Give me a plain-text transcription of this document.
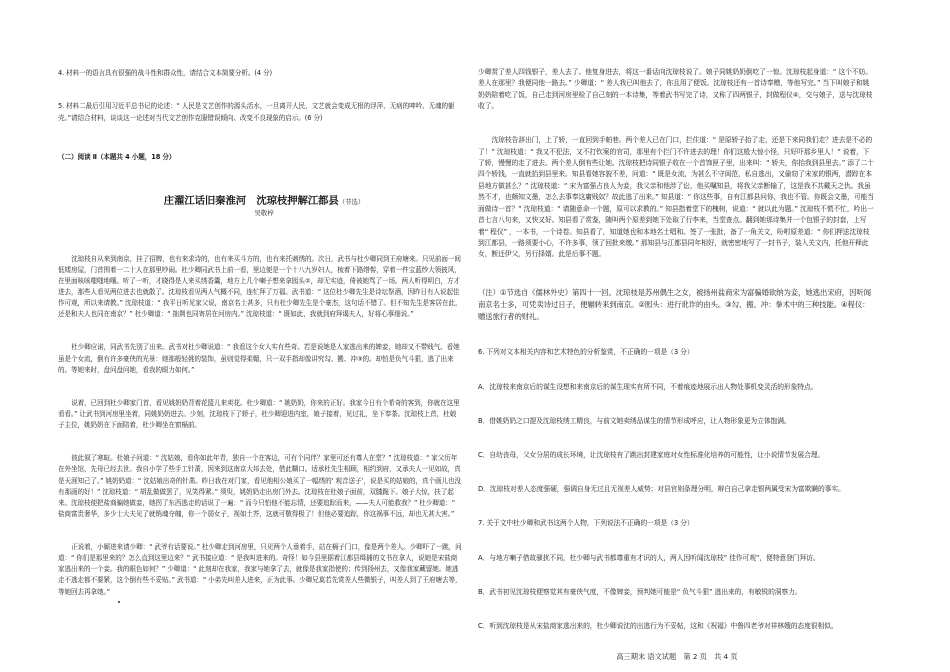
4. 材料一的语言具有很强的战斗性和群众性，请结合文本简要分析。(4 分)

5. 材料二最后引用习近平总书记的论述：“ 人民是文艺创作的源头活水，一旦离开人民，文艺就会变成无根的浮萍、无病的呻吟、无魂的躯壳。”请结合材料，谈谈这一论述对当代文艺创作克服错误倾向、改变不良现象的启示。(6 分)

（二）阅读 Ⅱ（本题共 4 小题，18 分）

庄濯江话旧秦淮河　沈琼枝押解江都县（节选）
吴敬梓

沈琼枝自从来到南京，挂了招牌，也有来求诗的，也有来买斗方的，也有来托刺绣的。次日，武书与杜少卿同到王府塘来。只见前面一间低矮房屋，门首围着一二十人在那里吵闹。杜少卿同武书上前一看，里边便是一个十八九岁妇人，梳着下路绺髻，穿着一件宝蓝纱大领披风，在里面咳咳嗤嗤地嚷。听了一听，才晓得是人来买绣香囊，地方上几个喇子想来拿囮头②，却无实迹，倚被她骂了一场。两人听得明白，方才进去，那些人看见两位进去也就散了。沈琼枝看见两人气概不同，连忙拜了万福。武书道：“ 这位杜少卿先生是诗坛祭酒，因昨日有人说起佳作可观，所以来请教。” 沈琼枝道：“ 我平日听见家父说，南京名士甚多，只有杜少卿先生是个豪杰，这句话不错了。但不知先生是客居在此，还是和夫人也同在南京？” 杜少卿道：“ 拙荆也同寄居在河房内。” 沈琼枝道：“ 既如此，我就到府拜谒夫人，好将心事细说。”

杜少卿应诺，同武书先别了出来。武书对杜少卿说道：“ 我看这个女人实有些奇。若是说她是人家逃出来的婢妾，她却又不带贱气。看她虽是个女流，倒有许多豪侠的光景：她那般轻佻的装饰，虽则觉得柔媚，只一双手指却像讲究勾、搬、冲③的。却怕是负气斗狠，逃了出来的。等她来时，盘问盘问她，看我的眼力如何。”

说着，已回到杜少卿家门首，看见姚奶奶背着花篮儿来卖花。杜少卿道：“ 姚奶奶，你来的正好。我家今日有个希奇的客到，你就在这里看看。” 让武书到河房里坐着，同姚奶奶进去。少刻，沈琼枝下了轿子，杜少卿迎进内室，娘子接着，见过礼，坐下奉茶。沈琼枝上首，杜娘子主位，姚奶奶在下面陪着，杜少卿坐在窗槅前。

彼此叙了寒暄。杜娘子问道：“ 沈姑娘，看你如此年青，独自一个在客边，可有个同伴？家里可还有尊人在堂？” 沈琼枝道：“ 家父历年在外坐馆，先母已经去世。我自小学了些手工针黹，因来到这南京大邦去处，借此糊口。适承杜先生相顾，相约到府，又承夫人一见如故，真是天涯知己了。” 姚奶奶道：“ 沈姑娘出奇的针黹。昨日我在对门家，看见他相公娘买了一幅绣的‘ 观音送子’，说是买的姑娘的，真个画儿也没有那画的好！” 沈琼枝道：“ 胡乱做做罢了，见笑得紧。” 须臾，姚奶奶走出房门外去。沈琼枝在杜娘子面前，双膝跪下。娘子大惊，扶了起来。沈琼枝便把盐商骗她做妾，她拐了东西逃走的话说了一遍：“ 而今只怕他不能忘情，还要追踪而来，——夫人可能救我？” 杜少卿道：“ 盐商富贵奢华，多少士大夫见了就销魂夺魄，你一个弱女子，视如土芥，这就可敬得极了！但他必要追踪，你这祸事不远，却也无甚大害。”

正说着，小厮进来请少卿：“ 武爷有话要说。” 杜少卿走到河房里，只见两个人垂着手，站在槅子门口，像是两个差人。少卿吓了一跳，问道：“ 你们是那里来的？怎么直到这里边来？” 武书接应道：“ 是我叫进来的。奇怪！如今县里据着江都县缉捕的文书在拿人，说她是宋盐商家逃出来的一个妾。我的眼色如何？” 少卿道：“ 此刻却在我家，我家与她拿了去，就像是我家指使的；传到扬州去，又像我家藏留她。她逃走不逃走都不要紧，这个倒有些不妥贴。” 武书道：“ 小弟先叫差人进来，正为此事。少卿兄莫若先赏差人些微银子，叫差人到了王府塘去等，等她回去再拿她。”

少卿赏了差人四钱银子，差人去了。他复身进去，将这一番话向沈琼枝说了。娘子同姚奶奶倒吃了一惊。沈琼枝起身道：“ 这个不妨。差人在那里？我便同他一路去。” 少卿道：“ 差人我已叫他去了，你且用了便饭。沈琼枝还有一首诗奉赠，等他写完。” 当下叫娘子和姚奶奶陪着吃了饭，自己走到河房里检了自己刻的一本诗集，等着武书写完了诗，又称了四两银子，封做程仪④，交与娘子，送与沈琼枝收了。

沈琼枝告辞出门，上了轿，一直回到手帕巷。两个差人已在门口，拦住道：“ 是原轿子抬了走，还是下来同我们走？进去是不必的了！” 沈琼枝道：“ 我又不犯法，又不打钦案的官司，那里有个拦门不许进去的理！你们这般大惊小怪，只好吓那乡里人！” 说着，下了轿，慢慢的走了进去。两个差人倒有些让她。沈琼枝把诗同银子收在一个首饰匣子里，出来叫：“ 轿夫，你抬我到县里去。” 添了二十四个轿钱，一直就抬到县里来。知县看她容貌不差，问道：“ 既是女流，为甚么不守闺范，私自逃出，又偷窃了宋家的银两，潜踪在本县地方做甚么？” 沈琼枝道：“ 宋为富强占良人为妾，我父亲和他涉了讼，他买嘱知县，将我父亲断输了，这是我不共戴天之仇。我虽然不才，也颇知文墨，怎么去事奉这庸贱奴？故此逃了出来。” 知县道：“ 你这些事，自有江都县问你，我也不管。你既会文墨，可能当面做诗一首？” 沈琼枝道：“ 请随意命一个题，原可以求教的。” 知县指着堂下的槐树，说道：“ 就以此为题。” 沈琼枝不慌不忙，吟出一首七言八句来，又快又好。知县看了赏鉴，随叫两个原差到她下处取了行李来，当堂查点。翻到她那诗集并一个包银子的封套，上写着“ 程仪” ，一本书，一个诗卷。知县看了，知道她也和本地名士唱和。签了一张批，备了一角关文，吩咐原差道：“ 你们押送沈琼枝到江都县，一路须要小心，不许多事，领了回批来缴。” 那知县与江都县同年相好，就密密地写了一封书子，装入关文内，托他开释此女，断还伊父，另行择婿。此是后事不题。

（注）①节选自《儒林外史》第四十一回。沈琼枝是苏州偶生之女，被扬州盐商宋为富骗婚欲纳为妾，她逃出宋府，因听闻南京名士多，可凭卖诗过日子，便辗转来到南京。②囮头：进行讹诈的由头。③勾、搬、冲：拳术中的三种技能。④程仪：赠送旅行者的财礼。

6. 下列对文本相关内容和艺术特色的分析鉴赏，不正确的一项是（3 分）

A．沈琼枝来南京后的谋生设想和来南京后的谋生现实有所不同，不着痕迹地展示出人物处事机变灵活的形象特点。

B．借姚奶奶之口提及沈琼枝绣工精良，与前文她卖绣品谋生的情节形成呼应，让人物形象更为立体饱满。

C．自幼丧母，父女分居的成长环境，让沈琼枝有了跳出封建家庭对女性标准化培养的可能性，让小说情节发展合理。

D．沈琼枝对差人态度强硬，强调自身无过且无视差人威势；对县官则条理分明，辩白自己拿走银两属受宋为富欺瞒的事实。

7. 关于文中杜少卿和武书这两个人物，下列说法不正确的一项是（3 分）

A．与地方喇子借故骚扰不同，杜少卿与武书都尊重有才识的人，两人因听闻沈琼枝“ 佳作可观”，便特意登门拜访。

B．武书初见沈琼枝便察觉其有豪侠气度，不像婢妾，预判她可能是“ 负气斗狠” 逃出来的，有敏锐的洞察力。

C．听到沈琼枝是从宋盐商家逃出来的，杜少卿说沈的出逃行为不妥帖，这和《祝福》中鲁四老爷对祥林嫂的态度很相似。

高三期末 语文试题　第 2 页　共 4 页
